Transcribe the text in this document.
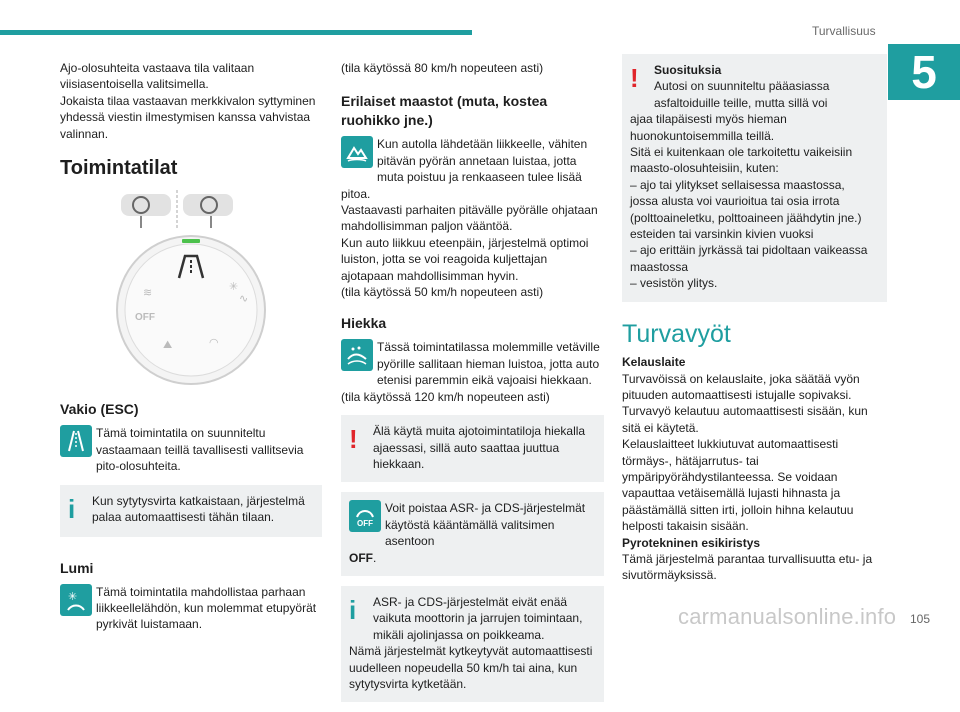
Turvallisuus
5

Ajo-olosuhteita vastaava tila valitaan
viisiasentoisella valitsimella.
Jokaista tilaa vastaavan merkkivalon syttyminen
yhdessä viestin ilmestymisen kanssa vahvistaa
valinnan.

Toimintatilat
≋	✳
∿
OFF
⛰	◠
Vakio (ESC)
Tämä toimintatila on suunniteltu
vastaamaan teillä tavallisesti vallitsevia
pito-olosuhteita.
i	Kun sytytysvirta katkaistaan, järjestelmä
palaa automaattisesti tähän tilaan.
Lumi
✳ Tämä toimintatila mahdollistaa parhaan
liikkeellelähdön, kun molemmat etupyörät
pyrkivät luistamaan.

(tila käytössä 80 km/h nopeuteen asti)

Erilaiset maastot (muta, kostea
ruohikko jne.)
Kun autolla lähdetään liikkeelle, vähiten
pitävän pyörän annetaan luistaa, jotta
muta poistuu ja renkaaseen tulee lisää pitoa.
Vastaavasti parhaiten pitävälle pyörälle ohjataan
mahdollisimman paljon vääntöä.
Kun auto liikkuu eteenpäin, järjestelmä optimoi
luiston, jotta se voi reagoida kuljettajan
ajotapaan mahdollisimman hyvin.
(tila käytössä 50 km/h nopeuteen asti)
Hiekka
Tässä toimintatilassa molemmille vetäville
pyörille sallitaan hieman luistoa, jotta auto
etenisi paremmin eikä vajoaisi hiekkaan.
(tila käytössä 120 km/h nopeuteen asti)
!	Älä käytä muita ajotoimintatiloja hiekalla
ajaessasi, sillä auto saattaa juuttua
hiekkaan.
OFF
Voit poistaa ASR- ja CDS-järjestelmät
käytöstä kääntämällä valitsimen asentoon
OFF.
i	ASR- ja CDS-järjestelmät eivät enää
vaikuta moottorin ja jarrujen toimintaan,
mikäli ajolinjassa on poikkeama.
Nämä järjestelmät kytkeytyvät automaattisesti
uudelleen nopeudella 50 km/h tai aina, kun
sytytysvirta kytketään.
!	Suosituksia
Autosi on suunniteltu pääasiassa
asfaltoiduille teille, mutta sillä voi
ajaa tilapäisesti myös hieman
huonokuntoisemmilla teillä.
Sitä ei kuitenkaan ole tarkoitettu vaikeisiin
maasto-olosuhteisiin, kuten:
– ajo tai ylitykset sellaisessa maastossa,
jossa alusta voi vaurioitua tai osia irrota
(polttoaineletku, polttoaineen jäähdytin jne.)
esteiden tai varsinkin kivien vuoksi
– ajo erittäin jyrkässä tai pidoltaan vaikeassa
maastossa
– vesistön ylitys.
Turvavyöt

Kelauslaite

Turvavöissä on kelauslaite, joka säätää vyön
pituuden automaattisesti istujalle sopivaksi.
Turvavyö kelautuu automaattisesti sisään, kun
sitä ei käytetä.
Kelauslaitteet lukkiutuvat automaattisesti
törmäys-, hätäjarrutus- tai
ympäripyörähdystilanteessa. Se voidaan
vapauttaa vetäisemällä lujasti hihnasta ja
päästämällä sitten irti, jolloin hihna kelautuu
helposti takaisin sisään.

Pyrotekninen esikiristys

Tämä järjestelmä parantaa turvallisuutta etu- ja
sivutörmäyksissä.

carmanualsonline.info 105
